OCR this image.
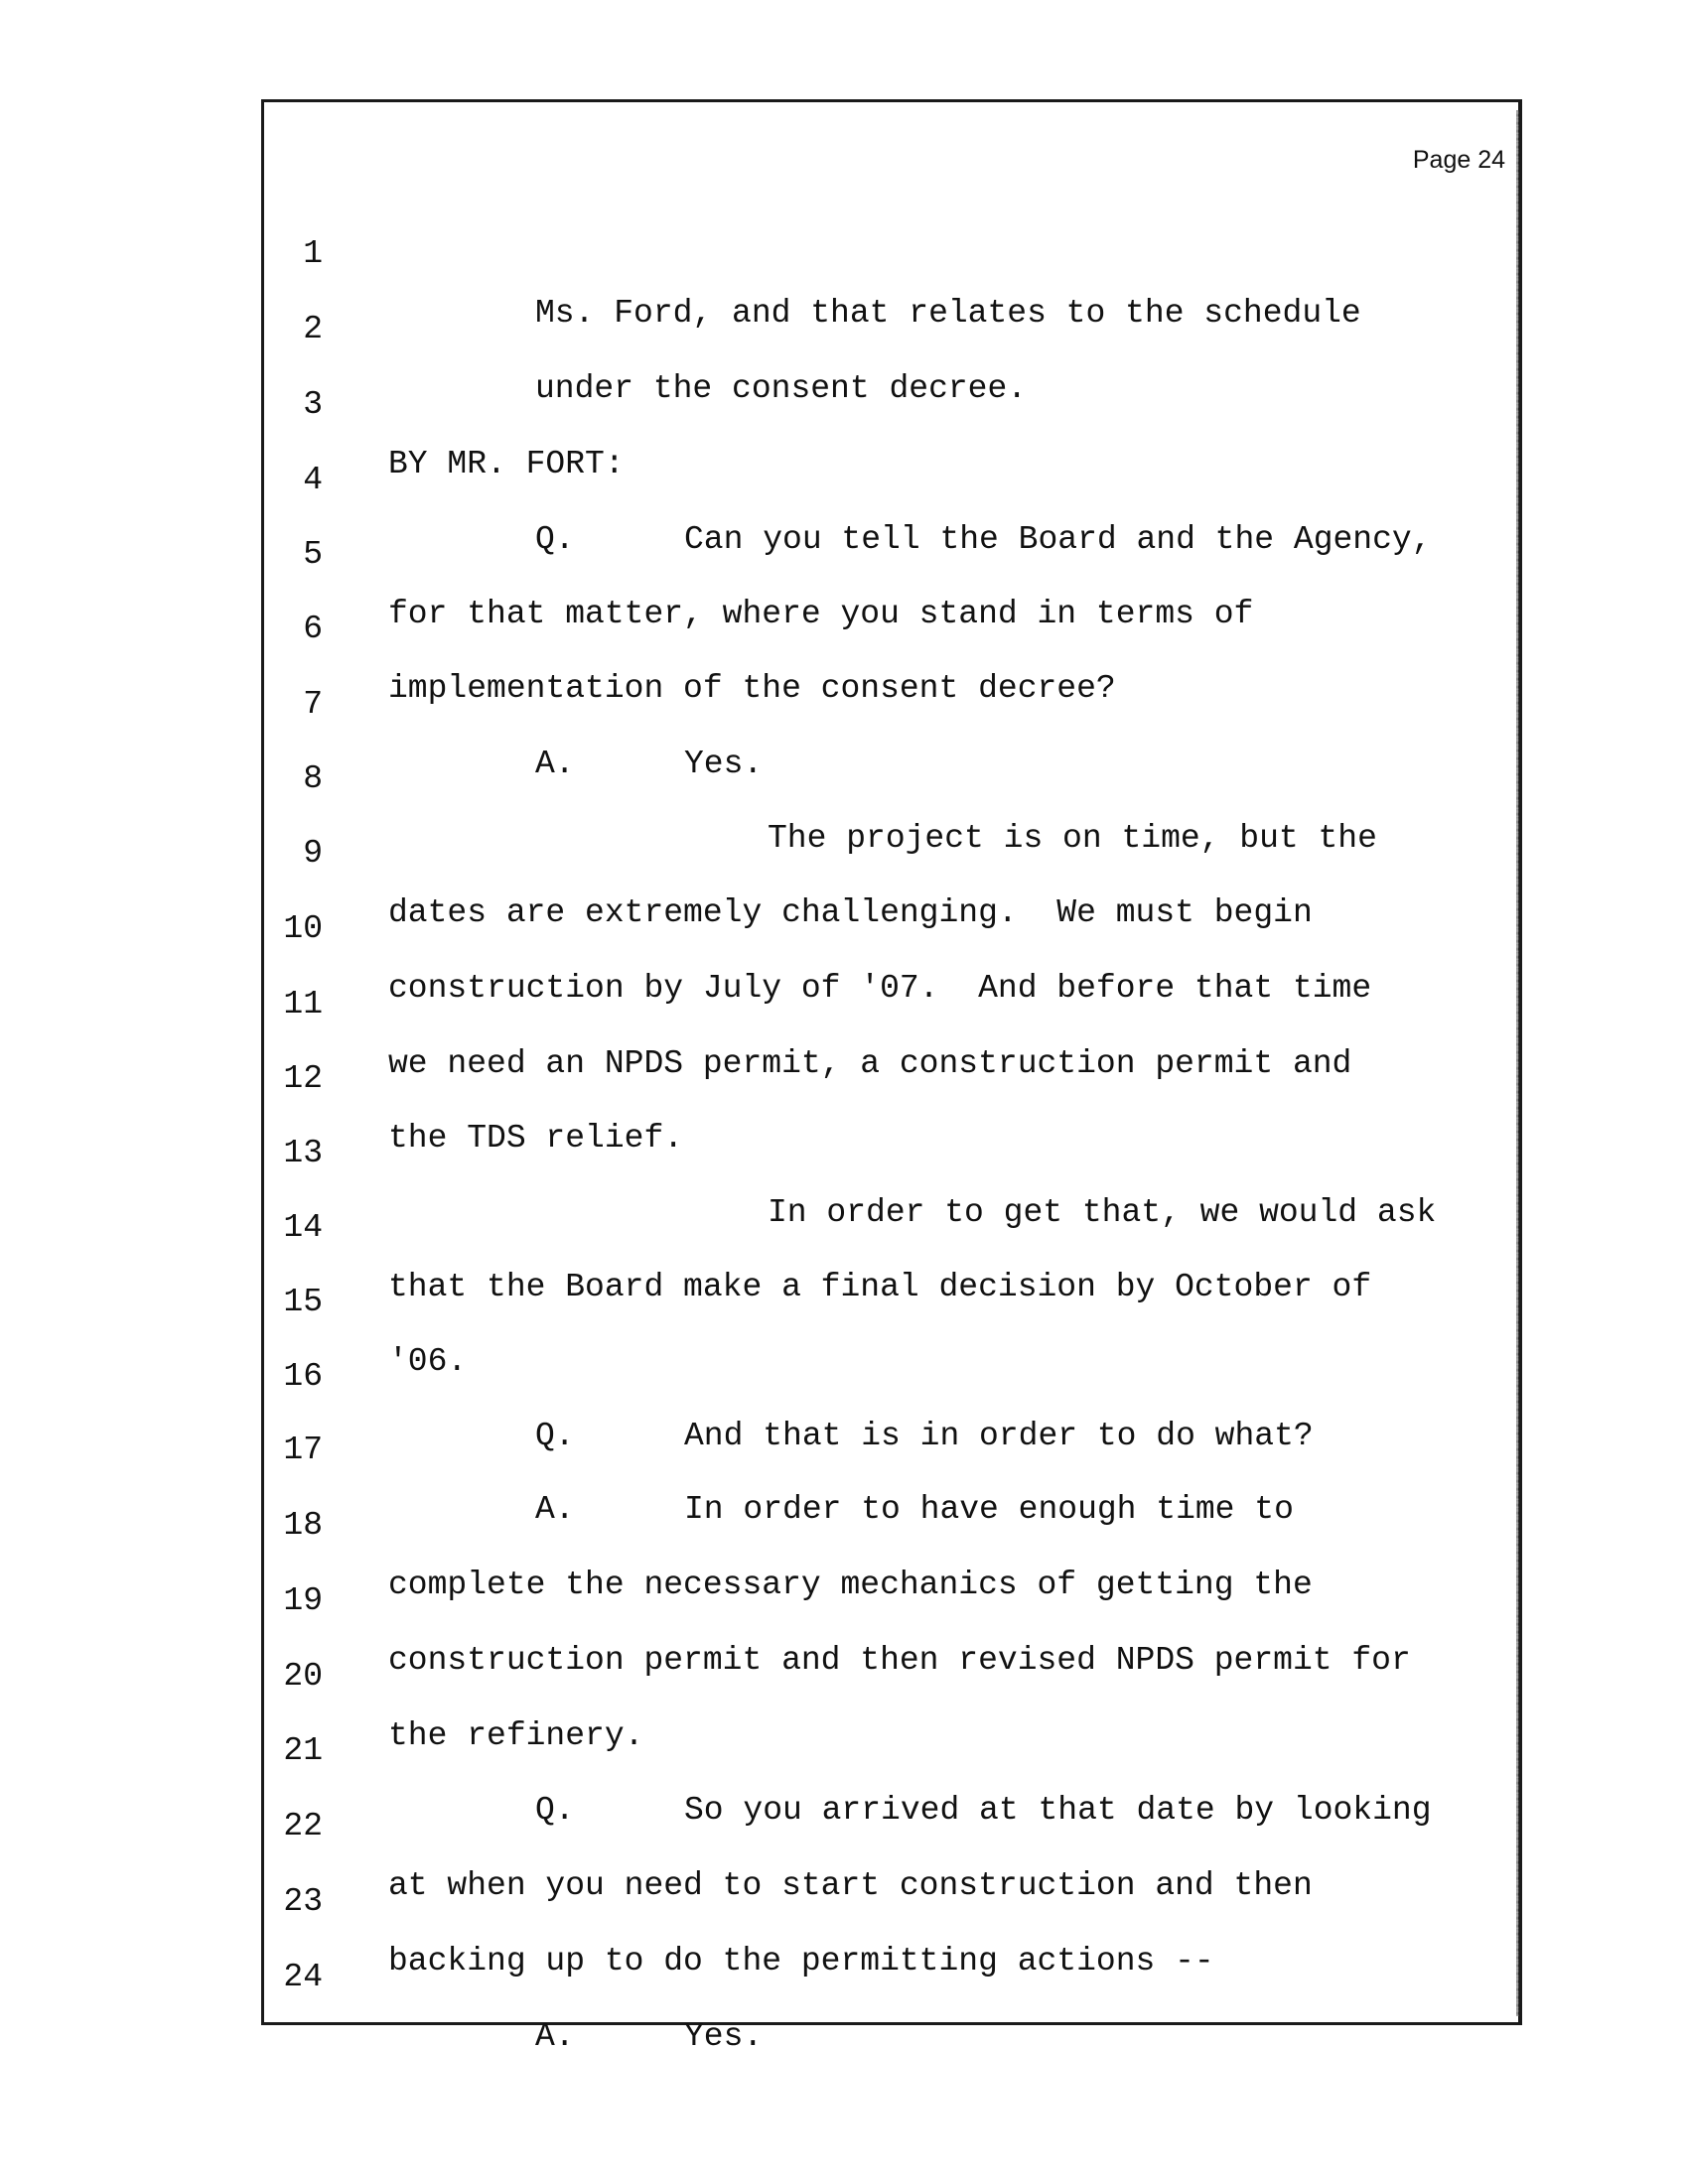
Page 24

1

Ms. Ford, and that relates to the schedule

2

under the consent decree.

3

BY MR. FORT:

4

Q.	Can you tell the Board and the Agency,

5

for that matter, where you stand in terms of

6

implementation of the consent decree?

7

A.	Yes.

8

The project is on time, but the

9

dates are extremely challenging.  We must begin

10

construction by July of '07.  And before that time

11

we need an NPDS permit, a construction permit and

12

the TDS relief.

13

In order to get that, we would ask

14

that the Board make a final decision by October of

15

'06.

16

Q.	And that is in order to do what?

17

A.	In order to have enough time to

18

complete the necessary mechanics of getting the

19

construction permit and then revised NPDS permit for

20

the refinery.

21

Q.	So you arrived at that date by looking

22

at when you need to start construction and then

23

backing up to do the permitting actions --

24

A.	Yes.
